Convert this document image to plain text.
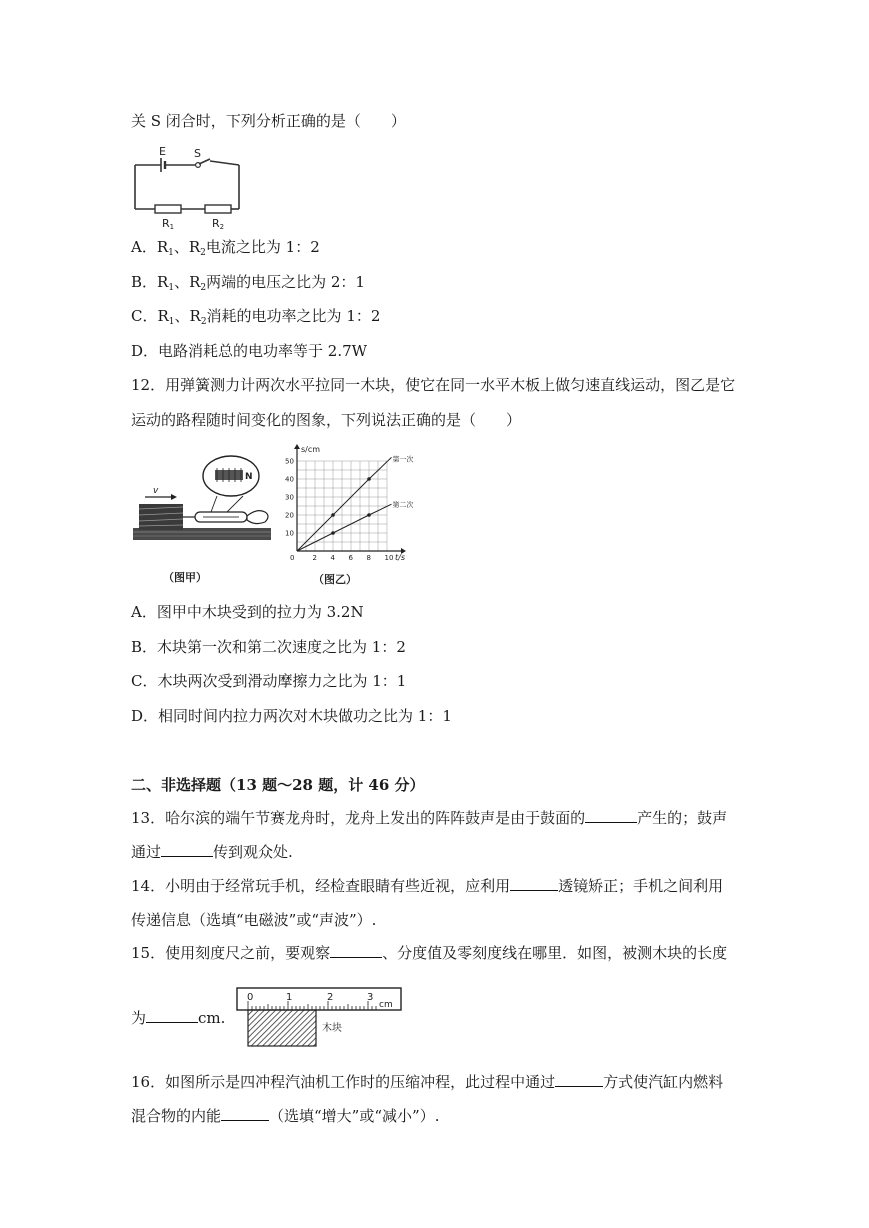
关 S 闭合时，下列分析正确的是（　　）
E	S
R1	R2
A．$R_1$、$R_2$电流之比为 1：2
B．$R_1$、$R_2$两端的电压之比为 2：1
C．$R_1$、$R_2$消耗的电功率之比为 1：2
D．电路消耗总的电功率等于 2.7W
12．用弹簧测力计两次水平拉同一木块，使它在同一水平木板上做匀速直线运动，图乙是它
运动的路程随时间变化的图象，下列说法正确的是（　　）
v
N
（图甲）
s/cm
t/s
0	2 4 6 8 10
10
20
30
40
50	第一次
第二次
（图乙）
A．图甲中木块受到的拉力为 3.2N
B．木块第一次和第二次速度之比为 1：2
C．木块两次受到滑动摩擦力之比为 1：1
D．相同时间内拉力两次对木块做功之比为 1：1
二、非选择题（13 题～28 题，计 46 分）
13．哈尔滨的端午节赛龙舟时，龙舟上发出的阵阵鼓声是由于鼓面的	产生的；鼓声
通过	传到观众处.
14．小明由于经常玩手机，经检查眼睛有些近视，应利用	透镜矫正；手机之间利用
传递信息（选填“电磁波”或“声波”）.
15．使用刻度尺之前，要观察	、分度值及零刻度线在哪里．如图，被测木块的长度
为	cm.
0	1	2	3
cm
木块
16．如图所示是四冲程汽油机工作时的压缩冲程，此过程中通过	方式使汽缸内燃料
混合物的内能	（选填“增大”或“减小”）.
